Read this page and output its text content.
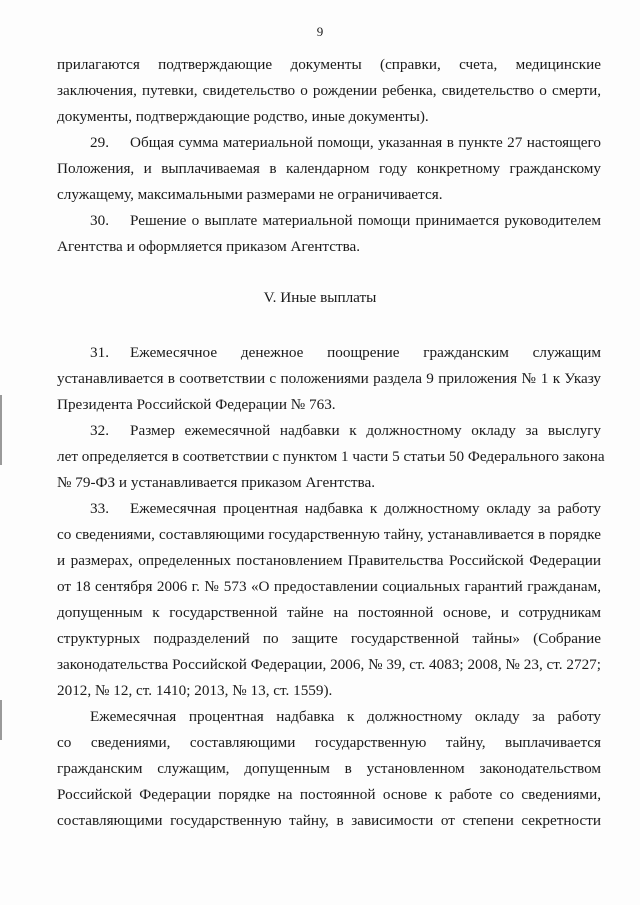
9
прилагаются подтверждающие документы (справки, счета, медицинские
заключения, путевки, свидетельство о рождении ребенка, свидетельство о смерти,
документы, подтверждающие родство, иные документы).
29. Общая сумма материальной помощи, указанная в пункте 27 настоящего
Положения, и выплачиваемая в календарном году конкретному гражданскому
служащему, максимальными размерами не ограничивается.
30. Решение о выплате материальной помощи принимается руководителем
Агентства и оформляется приказом Агентства.
V. Иные выплаты
31. Ежемесячное денежное поощрение гражданским служащим
устанавливается в соответствии с положениями раздела 9 приложения № 1 к Указу
Президента Российской Федерации № 763.
32. Размер ежемесячной надбавки к должностному окладу за выслугу
лет определяется в соответствии с пунктом 1 части 5 статьи 50 Федерального закона
№ 79-ФЗ и устанавливается приказом Агентства.
33. Ежемесячная процентная надбавка к должностному окладу за работу
со сведениями, составляющими государственную тайну, устанавливается в порядке
и размерах, определенных постановлением Правительства Российской Федерации
от 18 сентября 2006 г. № 573 «О предоставлении социальных гарантий гражданам,
допущенным к государственной тайне на постоянной основе, и сотрудникам
структурных подразделений по защите государственной тайны» (Собрание
законодательства Российской Федерации, 2006, № 39, ст. 4083; 2008, № 23, ст. 2727;
2012, № 12, ст. 1410; 2013, № 13, ст. 1559).
Ежемесячная процентная надбавка к должностному окладу за работу
со сведениями, составляющими государственную тайну, выплачивается
гражданским служащим, допущенным в установленном законодательством
Российской Федерации порядке на постоянной основе к работе со сведениями,
составляющими государственную тайну, в зависимости от степени секретности
